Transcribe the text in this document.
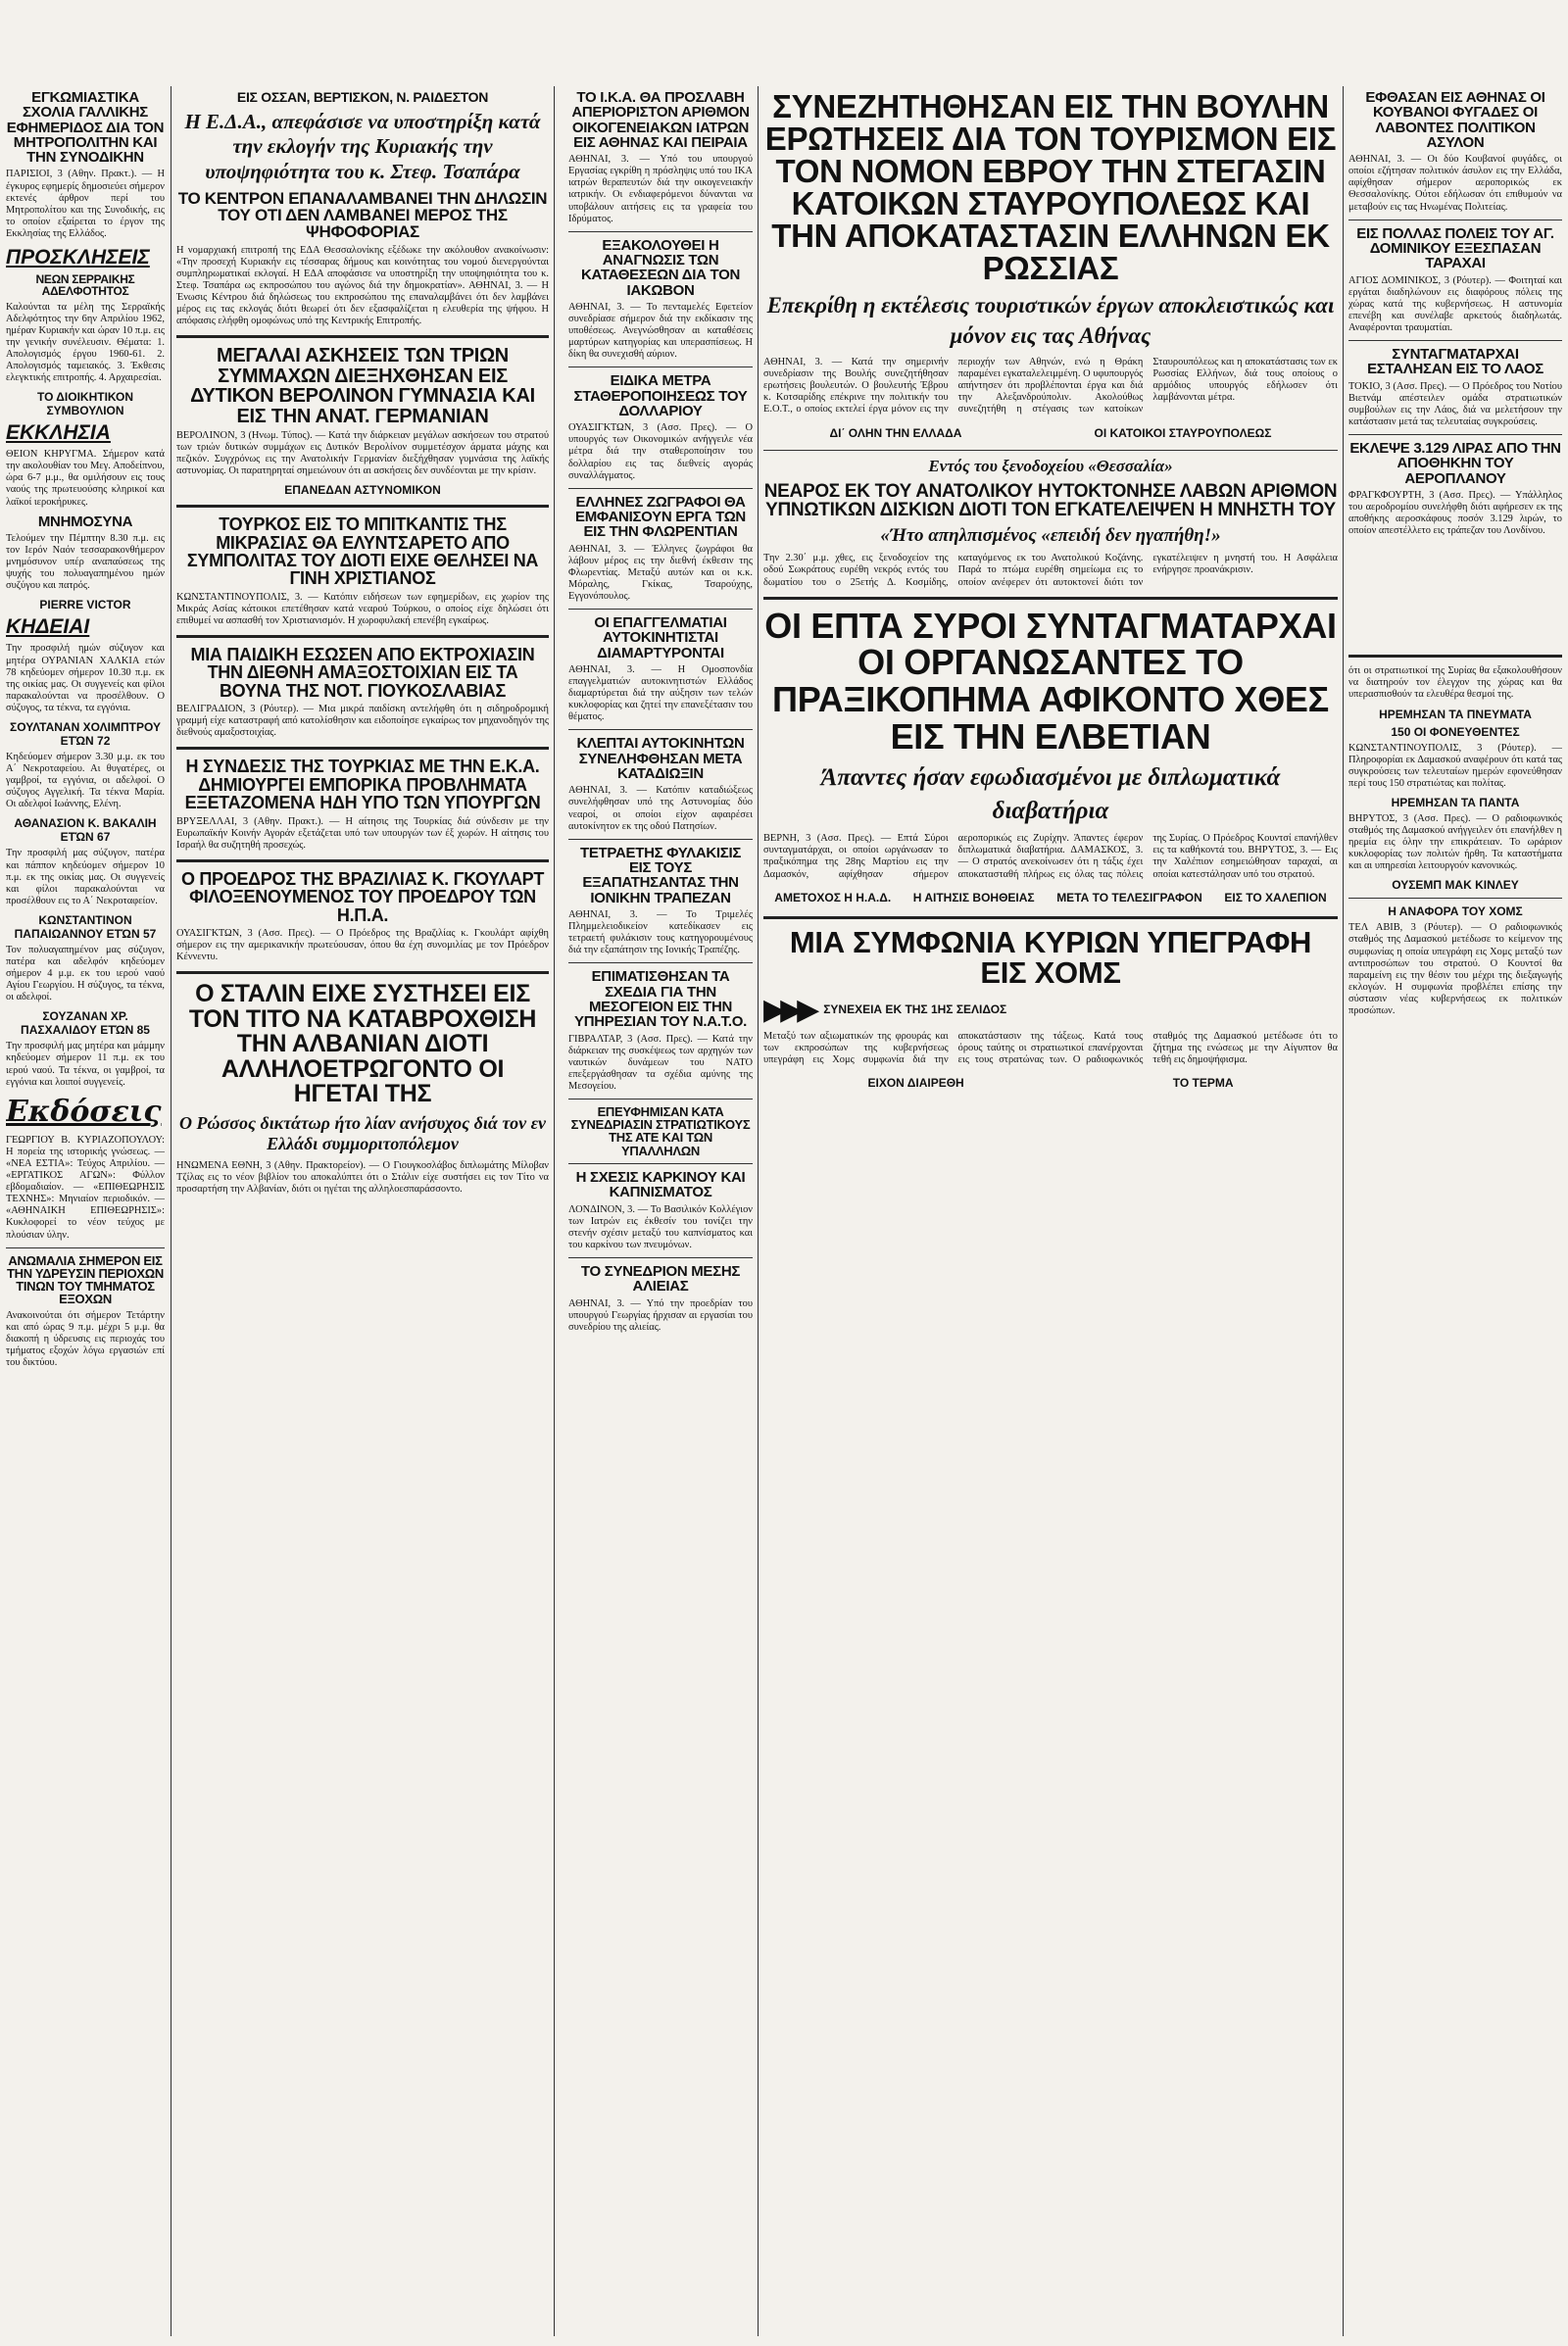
ΕΓΚΩΜΙΑΣΤΙΚΑ ΣΧΟΛΙΑ ΓΑΛΛΙΚΗΣ ΕΦΗΜΕΡΙΔΟΣ ΔΙΑ ΤΟΝ ΜΗΤΡΟΠΟΛΙΤΗΝ ΚΑΙ ΤΗΝ ΣΥΝΟΔΙΚΗΝ
ΠΑΡΙΣΙΟΙ, 3 (Αθην. Πρακτ.). — Η έγκυρος εφημερίς δημοσιεύει σήμερον εκτενές άρθρον περί του Μητροπολίτου και της Συνοδικής, εις το οποίον εξαίρεται το έργον της Εκκλησίας της Ελλάδος.
ΠΡΟΣΚΛΗΣΕΙΣ
ΝΕΩΝ ΣΕΡΡΑΙΚΗΣ ΑΔΕΛΦΟΤΗΤΟΣ
Καλούνται τα μέλη της Σερραϊκής Αδελφότητος την 6ην Απριλίου 1962, ημέραν Κυριακήν και ώραν 10 π.μ. εις την γενικήν συνέλευσιν. Θέματα: 1. Απολογισμός έργου 1960-61. 2. Απολογισμός ταμειακός. 3. Έκθεσις ελεγκτικής επιτροπής. 4. Αρχαιρεσίαι.
ΤΟ ΔΙΟΙΚΗΤΙΚΟΝ ΣΥΜΒΟΥΛΙΟΝ
ΕΚΚΛΗΣΙΑ
ΘΕΙΟΝ ΚΗΡΥΓΜΑ. Σήμερον κατά την ακολουθίαν του Μεγ. Αποδείπνου, ώρα 6-7 μ.μ., θα ομιλήσουν εις τους ναούς της πρωτευούσης κληρικοί και λαϊκοί ιεροκήρυκες.
ΜΝΗΜΟΣΥΝΑ
Τελούμεν την Πέμπτην 8.30 π.μ. εις τον Ιερόν Ναόν τεσσαρακονθήμερον μνημόσυνον υπέρ αναπαύσεως της ψυχής του πολυαγαπημένου ημών συζύγου και πατρός.
PIERRE VICTOR
ΚΗΔΕΙΑΙ
Την προσφιλή ημών σύζυγον και μητέρα ΟΥΡΑΝΙΑΝ ΧΑΛΚΙΑ ετών 78 κηδεύομεν σήμερον 10.30 π.μ. εκ της οικίας μας. Οι συγγενείς και φίλοι παρακαλούνται να προσέλθουν. Ο σύζυγος, τα τέκνα, τα εγγόνια.
ΣΟΥΛΤΑΝΑΝ ΧΟΛΙΜΠΤΡΟΥ ΕΤΏΝ 72
Κηδεύομεν σήμερον 3.30 μ.μ. εκ του Α΄ Νεκροταφείου. Αι θυγατέρες, οι γαμβροί, τα εγγόνια, οι αδελφοί. Ο σύζυγος Αγγελική. Τα τέκνα Μαρία. Οι αδελφοί Ιωάννης, Ελένη.
ΑΘΑΝΑΣΙΟΝ Κ. ΒΑΚΑΛΙΗ ΕΤΏΝ 67
Την προσφιλή μας σύζυγον, πατέρα και πάππον κηδεύομεν σήμερον 10 π.μ. εκ της οικίας μας. Οι συγγενείς και φίλοι παρακαλούνται να προσέλθουν εις το Α΄ Νεκροταφείον.
ΚΩΝΣΤΑΝΤΙΝΟΝ ΠΑΠΑΙΩΑΝΝΟΥ ΕΤΏΝ 57
Τον πολυαγαπημένον μας σύζυγον, πατέρα και αδελφόν κηδεύομεν σήμερον 4 μ.μ. εκ του ιερού ναού Αγίου Γεωργίου. Η σύζυγος, τα τέκνα, οι αδελφοί.
ΣΟΥΖΑΝΑΝ ΧΡ. ΠΑΣΧΑΛΙΔΟΥ ΕΤΏΝ 85
Την προσφιλή μας μητέρα και μάμμην κηδεύομεν σήμερον 11 π.μ. εκ του ιερού ναού. Τα τέκνα, οι γαμβροί, τα εγγόνια και λοιποί συγγενείς.
Εκδόσεις
ΓΕΩΡΓΙΟΥ Β. ΚΥΡΙΑΖΟΠΟΥΛΟΥ: Η πορεία της ιστορικής γνώσεως. — «ΝΕΑ ΕΣΤΙΑ»: Τεύχος Απριλίου. — «ΕΡΓΑΤΙΚΟΣ ΑΓΩΝ»: Φύλλον εβδομαδιαίον. — «ΕΠΙΘΕΩΡΗΣΙΣ ΤΕΧΝΗΣ»: Μηνιαίον περιοδικόν. — «ΑΘΗΝΑΙΚΗ ΕΠΙΘΕΩΡΗΣΙΣ»: Κυκλοφορεί το νέον τεύχος με πλούσιαν ύλην.
ΑΝΩΜΑΛΙΑ ΣΗΜΕΡΟΝ ΕΙΣ ΤΗΝ ΥΔΡΕΥΣΙΝ ΠΕΡΙΟΧΩΝ ΤΙΝΩΝ ΤΟΥ ΤΜΗΜΑΤΟΣ ΕΞΟΧΩΝ
Ανακοινούται ότι σήμερον Τετάρτην και από ώρας 9 π.μ. μέχρι 5 μ.μ. θα διακοπή η ύδρευσις εις περιοχάς του τμήματος εξοχών λόγω εργασιών επί του δικτύου.
ΕΙΣ ΟΣΣΑΝ, ΒΕΡΤΙΣΚΟΝ, Ν. ΡΑΙΔΕΣΤΟΝ
Η Ε.Δ.Α., απεφάσισε να υποστηρίξη κατά την εκλογήν της Κυριακής την υποψηφιότητα του κ. Στεφ. Τσαπάρα
ΤΟ ΚΕΝΤΡΟΝ ΕΠΑΝΑΛΑΜΒΑΝΕΙ ΤΗΝ ΔΗΛΩΣΙΝ ΤΟΥ ΟΤΙ ΔΕΝ ΛΑΜΒΑΝΕΙ ΜΕΡΟΣ ΤΗΣ ΨΗΦΟΦΟΡΙΑΣ
Η νομαρχιακή επιτροπή της ΕΔΑ Θεσσαλονίκης εξέδωκε την ακόλουθον ανακοίνωσιν: «Την προσεχή Κυριακήν εις τέσσαρας δήμους και κοινότητας του νομού διενεργούνται συμπληρωματικαί εκλογαί. Η ΕΔΑ αποφάσισε να υποστηρίξη την υποψηφιότητα του κ. Στεφ. Τσαπάρα ως εκπροσώπου του αγώνος διά την δημοκρατίαν». ΑΘΗΝΑΙ, 3. — Η Ένωσις Κέντρου διά δηλώσεως του εκπροσώπου της επαναλαμβάνει ότι δεν λαμβάνει μέρος εις τας εκλογάς διότι θεωρεί ότι δεν εξασφαλίζεται η ελευθερία της ψήφου. Η απόφασις ελήφθη ομοφώνως υπό της Κεντρικής Επιτροπής.
ΜΕΓΑΛΑΙ ΑΣΚΗΣΕΙΣ ΤΩΝ ΤΡΙΩΝ ΣΥΜΜΑΧΩΝ ΔΙΕΞΗΧΘΗΣΑΝ ΕΙΣ ΔΥΤΙΚΟΝ ΒΕΡΟΛΙΝΟΝ ΓΥΜΝΑΣΙΑ ΚΑΙ ΕΙΣ ΤΗΝ ΑΝΑΤ. ΓΕΡΜΑΝΙΑΝ
ΒΕΡΟΛΙΝΟΝ, 3 (Ηνωμ. Τύπος). — Κατά την διάρκειαν μεγάλων ασκήσεων του στρατού των τριών δυτικών συμμάχων εις Δυτικόν Βερολίνον συμμετέσχον άρματα μάχης και πεζικόν. Συγχρόνως εις την Ανατολικήν Γερμανίαν διεξήχθησαν γυμνάσια της λαϊκής αστυνομίας. Οι παρατηρηταί σημειώνουν ότι αι ασκήσεις δεν συνδέονται με την κρίσιν.
ΕΠΑΝΕΔΑΝ ΑΣΤΥΝΟΜΙΚΟΝ
ΤΟΥΡΚΟΣ ΕΙΣ ΤΟ ΜΠΙΤΚΑΝΤΙΣ ΤΗΣ ΜΙΚΡΑΣΙΑΣ ΘΑ ΕΛΥΝΤΣΑΡΕΤΟ ΑΠΟ ΣΥΜΠΟΛΙΤΑΣ ΤΟΥ ΔΙΟΤΙ ΕΙΧΕ ΘΕΛΗΣΕΙ ΝΑ ΓΙΝΗ ΧΡΙΣΤΙΑΝΟΣ
ΚΩΝΣΤΑΝΤΙΝΟΥΠΟΛΙΣ, 3. — Κατόπιν ειδήσεων των εφημερίδων, εις χωρίον της Μικράς Ασίας κάτοικοι επετέθησαν κατά νεαρού Τούρκου, ο οποίος είχε δηλώσει ότι επιθυμεί να ασπασθή τον Χριστιανισμόν. Η χωροφυλακή επενέβη εγκαίρως.
ΜΙΑ ΠΑΙΔΙΚΗ ΕΣΩΣΕΝ ΑΠΟ ΕΚΤΡΟΧΙΑΣΙΝ ΤΗΝ ΔΙΕΘΝΗ ΑΜΑΞΟΣΤΟΙΧΙΑΝ ΕΙΣ ΤΑ ΒΟΥΝΑ ΤΗΣ ΝΟΤ. ΓΙΟΥΚΟΣΛΑΒΙΑΣ
ΒΕΛΙΓΡΑΔΙΟΝ, 3 (Ρόυτερ). — Μια μικρά παιδίσκη αντελήφθη ότι η σιδηροδρομική γραμμή είχε καταστραφή από κατολίσθησιν και ειδοποίησε εγκαίρως τον μηχανοδηγόν της διεθνούς αμαξοστοιχίας.
Η ΣΥΝΔΕΣΙΣ ΤΗΣ ΤΟΥΡΚΙΑΣ ΜΕ ΤΗΝ Ε.Κ.Α. ΔΗΜΙΟΥΡΓΕΙ ΕΜΠΟΡΙΚΑ ΠΡΟΒΛΗΜΑΤΑ ΕΞΕΤΑΖΟΜΕΝΑ ΗΔΗ ΥΠΟ ΤΩΝ ΥΠΟΥΡΓΩΝ
ΒΡΥΞΕΛΛΑΙ, 3 (Αθην. Πρακτ.). — Η αίτησις της Τουρκίας διά σύνδεσιν με την Ευρωπαϊκήν Κοινήν Αγοράν εξετάζεται υπό των υπουργών των έξ χωρών. Η αίτησις του Ισραήλ θα συζητηθή προσεχώς.
Ο ΠΡΟΕΔΡΟΣ ΤΗΣ ΒΡΑΖΙΛΙΑΣ Κ. ΓΚΟΥΛΑΡΤ ΦΙΛΟΞΕΝΟΥΜΕΝΟΣ ΤΟΥ ΠΡΟΕΔΡΟΥ ΤΩΝ Η.Π.Α.
ΟΥΑΣΙΓΚΤΩΝ, 3 (Ασσ. Πρες). — Ο Πρόεδρος της Βραζιλίας κ. Γκουλάρτ αφίχθη σήμερον εις την αμερικανικήν πρωτεύουσαν, όπου θα έχη συνομιλίας με τον Πρόεδρον Κέννεντυ.
Ο ΣΤΑΛΙΝ ΕΙΧΕ ΣΥΣΤΗΣΕΙ ΕΙΣ ΤΟΝ ΤΙΤΟ ΝΑ ΚΑΤΑΒΡΟΧΘΙΣΗ ΤΗΝ ΑΛΒΑΝΙΑΝ ΔΙΟΤΙ ΑΛΛΗΛΟΕΤΡΩΓΟΝΤΟ ΟΙ ΗΓΕΤΑΙ ΤΗΣ
Ο Ρώσσος δικτάτωρ ήτο λίαν ανήσυχος διά τον εν Ελλάδι συμμοριτοπόλεμον
ΗΝΩΜΕΝΑ ΕΘΝΗ, 3 (Αθην. Πρακτορείον). — Ο Γιουγκοσλάβος διπλωμάτης Μίλοβαν Τζίλας εις το νέον βιβλίον του αποκαλύπτει ότι ο Στάλιν είχε συστήσει εις τον Τίτο να προσαρτήση την Αλβανίαν, διότι οι ηγέται της αλληλοεσπαράσσοντο.
ΤΟ Ι.Κ.Α. ΘΑ ΠΡΟΣΛΑΒΗ ΑΠΕΡΙΟΡΙΣΤΟΝ ΑΡΙΘΜΟΝ ΟΙΚΟΓΕΝΕΙΑΚΩΝ ΙΑΤΡΩΝ ΕΙΣ ΑΘΗΝΑΣ ΚΑΙ ΠΕΙΡΑΙΑ
ΑΘΗΝΑΙ, 3. — Υπό του υπουργού Εργασίας εγκρίθη η πρόσληψις υπό του ΙΚΑ ιατρών θεραπευτών διά την οικογενειακήν ιατρικήν. Οι ενδιαφερόμενοι δύνανται να υποβάλουν αιτήσεις εις τα γραφεία του Ιδρύματος.
ΕΞΑΚΟΛΟΥΘΕΙ Η ΑΝΑΓΝΩΣΙΣ ΤΩΝ ΚΑΤΑΘΕΣΕΩΝ ΔΙΑ ΤΟΝ ΙΑΚΩΒΟΝ
ΑΘΗΝΑΙ, 3. — Το πενταμελές Εφετείον συνεδρίασε σήμερον διά την εκδίκασιν της υποθέσεως. Ανεγνώσθησαν αι καταθέσεις μαρτύρων κατηγορίας και υπερασπίσεως. Η δίκη θα συνεχισθή αύριον.
ΕΙΔΙΚΑ ΜΕΤΡΑ ΣΤΑΘΕΡΟΠΟΙΗΣΕΩΣ ΤΟΥ ΔΟΛΛΑΡΙΟΥ
ΟΥΑΣΙΓΚΤΩΝ, 3 (Ασσ. Πρες). — Ο υπουργός των Οικονομικών ανήγγειλε νέα μέτρα διά την σταθεροποίησιν του δολλαρίου εις τας διεθνείς αγοράς συναλλάγματος.
ΕΛΛΗΝΕΣ ΖΩΓΡΑΦΟΙ ΘΑ ΕΜΦΑΝΙΣΟΥΝ ΕΡΓΑ ΤΩΝ ΕΙΣ ΤΗΝ ΦΛΩΡΕΝΤΙΑΝ
ΑΘΗΝΑΙ, 3. — Έλληνες ζωγράφοι θα λάβουν μέρος εις την διεθνή έκθεσιν της Φλωρεντίας. Μεταξύ αυτών και οι κ.κ. Μόραλης, Γκίκας, Τσαρούχης, Εγγονόπουλος.
ΟΙ ΕΠΑΓΓΕΛΜΑΤΙΑΙ ΑΥΤΟΚΙΝΗΤΙΣΤΑΙ ΔΙΑΜΑΡΤΥΡΟΝΤΑΙ
ΑΘΗΝΑΙ, 3. — Η Ομοσπονδία επαγγελματιών αυτοκινητιστών Ελλάδος διαμαρτύρεται διά την αύξησιν των τελών κυκλοφορίας και ζητεί την επανεξέτασιν του θέματος.
ΚΛΕΠΤΑΙ ΑΥΤΟΚΙΝΗΤΩΝ ΣΥΝΕΛΗΦΘΗΣΑΝ ΜΕΤΑ ΚΑΤΑΔΙΩΞΙΝ
ΑΘΗΝΑΙ, 3. — Κατόπιν καταδιώξεως συνελήφθησαν υπό της Αστυνομίας δύο νεαροί, οι οποίοι είχον αφαιρέσει αυτοκίνητον εκ της οδού Πατησίων.
ΤΕΤΡΑΕΤΗΣ ΦΥΛΑΚΙΣΙΣ ΕΙΣ ΤΟΥΣ ΕΞΑΠΑΤΗΣΑΝΤΑΣ ΤΗΝ ΙΟΝΙΚΗΝ ΤΡΑΠΕΖΑΝ
ΑΘΗΝΑΙ, 3. — Το Τριμελές Πλημμελειοδικείον κατεδίκασεν εις τετραετή φυλάκισιν τους κατηγορουμένους διά την εξαπάτησιν της Ιονικής Τραπέζης.
ΕΠΙΜΑΤΙΣΘΗΣΑΝ ΤΑ ΣΧΕΔΙΑ ΓΙΑ ΤΗΝ ΜΕΣΟΓΕΙΟΝ ΕΙΣ ΤΗΝ ΥΠΗΡΕΣΙΑΝ ΤΟΥ Ν.Α.Τ.Ο.
ΓΙΒΡΑΛΤΑΡ, 3 (Ασσ. Πρες). — Κατά την διάρκειαν της συσκέψεως των αρχηγών των ναυτικών δυνάμεων του ΝΑΤΟ επεξεργάσθησαν τα σχέδια αμύνης της Μεσογείου.
ΕΠΕΥΦΗΜΙΣΑΝ ΚΑΤΑ ΣΥΝΕΔΡΙΑΣΙΝ ΣΤΡΑΤΙΩΤΙΚΟΥΣ ΤΗΣ ΑΤΕ ΚΑΙ ΤΩΝ ΥΠΑΛΛΗΛΩΝ
Η ΣΧΕΣΙΣ ΚΑΡΚΙΝΟΥ ΚΑΙ ΚΑΠΝΙΣΜΑΤΟΣ
ΛΟΝΔΙΝΟΝ, 3. — Το Βασιλικόν Κολλέγιον των Ιατρών εις έκθεσίν του τονίζει την στενήν σχέσιν μεταξύ του καπνίσματος και του καρκίνου των πνευμόνων.
ΤΟ ΣΥΝΕΔΡΙΟΝ ΜΕΣΗΣ ΑΛΙΕΙΑΣ
ΑΘΗΝΑΙ, 3. — Υπό την προεδρίαν του υπουργού Γεωργίας ήρχισαν αι εργασίαι του συνεδρίου της αλιείας.
ΣΥΝΕΖΗΤΗΘΗΣΑΝ ΕΙΣ ΤΗΝ ΒΟΥΛΗΝ ΕΡΩΤΗΣΕΙΣ ΔΙΑ ΤΟΝ ΤΟΥΡΙΣΜΟΝ ΕΙΣ ΤΟΝ ΝΟΜΟΝ ΕΒΡΟΥ ΤΗΝ ΣΤΕΓΑΣΙΝ ΚΑΤΟΙΚΩΝ ΣΤΑΥΡΟΥΠΟΛΕΩΣ ΚΑΙ ΤΗΝ ΑΠΟΚΑΤΑΣΤΑΣΙΝ ΕΛΛΗΝΩΝ ΕΚ ΡΩΣΣΙΑΣ
Επεκρίθη η εκτέλεσις τουριστικών έργων αποκλειστικώς και μόνον εις τας Αθήνας
ΑΘΗΝΑΙ, 3. — Κατά την σημερινήν συνεδρίασιν της Βουλής συνεζητήθησαν ερωτήσεις βουλευτών. Ο βουλευτής Έβρου κ. Κοτσαρίδης επέκρινε την πολιτικήν του Ε.Ο.Τ., ο οποίος εκτελεί έργα μόνον εις την περιοχήν των Αθηνών, ενώ η Θράκη παραμένει εγκαταλελειμμένη. Ο υφυπουργός απήντησεν ότι προβλέπονται έργα και διά την Αλεξανδρούπολιν. Ακολούθως συνεζητήθη η στέγασις των κατοίκων Σταυρουπόλεως και η αποκατάστασις των εκ Ρωσσίας Ελλήνων, διά τους οποίους ο αρμόδιος υπουργός εδήλωσεν ότι λαμβάνονται μέτρα.
ΔΙ΄ ΟΛΗΝ ΤΗΝ ΕΛΛΑΔΑ	ΟΙ ΚΑΤΟΙΚΟΙ ΣΤΑΥΡΟΥΠΟΛΕΩΣ
Εντός του ξενοδοχείου «Θεσσαλία»
ΝΕΑΡΟΣ ΕΚ ΤΟΥ ΑΝΑΤΟΛΙΚΟΥ ΗΥΤΟΚΤΟΝΗΣΕ ΛΑΒΩΝ ΑΡΙΘΜΟΝ ΥΠΝΩΤΙΚΩΝ ΔΙΣΚΙΩΝ ΔΙΟΤΙ ΤΟΝ ΕΓΚΑΤΕΛΕΙΨΕΝ Η ΜΝΗΣΤΗ ΤΟΥ
«Ήτο απηλπισμένος «επειδή δεν ηγαπήθη!»
Την 2.30΄ μ.μ. χθες, εις ξενοδοχείον της οδού Σωκράτους ευρέθη νεκρός εντός του δωματίου του ο 25ετής Δ. Κοσμίδης, καταγόμενος εκ του Ανατολικού Κοζάνης. Παρά το πτώμα ευρέθη σημείωμα εις το οποίον ανέφερεν ότι αυτοκτονεί διότι τον εγκατέλειψεν η μνηστή του. Η Ασφάλεια ενήργησε προανάκρισιν.
ΟΙ ΕΠΤΑ ΣΥΡΟΙ ΣΥΝΤΑΓΜΑΤΑΡΧΑΙ ΟΙ ΟΡΓΑΝΩΣΑΝΤΕΣ ΤΟ ΠΡΑΞΙΚΟΠΗΜΑ ΑΦΙΚΟΝΤΟ ΧΘΕΣ ΕΙΣ ΤΗΝ ΕΛΒΕΤΙΑΝ
Άπαντες ήσαν εφωδιασμένοι με διπλωματικά διαβατήρια
ΒΕΡΝΗ, 3 (Ασσ. Πρες). — Επτά Σύροι συνταγματάρχαι, οι οποίοι ωργάνωσαν το πραξικόπημα της 28ης Μαρτίου εις την Δαμασκόν, αφίχθησαν σήμερον αεροπορικώς εις Ζυρίχην. Άπαντες έφερον διπλωματικά διαβατήρια. ΔΑΜΑΣΚΟΣ, 3. — Ο στρατός ανεκοίνωσεν ότι η τάξις έχει αποκατασταθή πλήρως εις όλας τας πόλεις της Συρίας. Ο Πρόεδρος Κουντσί επανήλθεν εις τα καθήκοντά του. ΒΗΡΥΤΟΣ, 3. — Εις την Χαλέπιον εσημειώθησαν ταραχαί, αι οποίαι κατεστάλησαν υπό του στρατού.
ΑΜΕΤΟΧΟΣ Η Η.Α.Δ. Η ΑΙΤΗΣΙΣ ΒΟΗΘΕΙΑΣ ΜΕΤΑ ΤΟ ΤΕΛΕΣΙΓΡΑΦΟΝ ΕΙΣ ΤΟ ΧΑΛΕΠΙΟΝ
ΜΙΑ ΣΥΜΦΩΝΙΑ ΚΥΡΙΩΝ ΥΠΕΓΡΑΦΗ ΕΙΣ ΧΟΜΣ
▶▶▶ ΣΥΝΕΧΕΙΑ ΕΚ ΤΗΣ 1ΗΣ ΣΕΛΙΔΟΣ
Μεταξύ των αξιωματικών της φρουράς και των εκπροσώπων της κυβερνήσεως υπεγράφη εις Χομς συμφωνία διά την αποκατάστασιν της τάξεως. Κατά τους όρους ταύτης οι στρατιωτικοί επανέρχονται εις τους στρατώνας των. Ο ραδιοφωνικός σταθμός της Δαμασκού μετέδωσε ότι το ζήτημα της ενώσεως με την Αίγυπτον θα τεθή εις δημοψήφισμα.
ΕΙΧΟΝ ΔΙΑΙΡΕΘΗ	ΤΟ ΤΕΡΜΑ
ΕΦΘΑΣΑΝ ΕΙΣ ΑΘΗΝΑΣ ΟΙ ΚΟΥΒΑΝΟΙ ΦΥΓΑΔΕΣ ΟΙ ΛΑΒΟΝΤΕΣ ΠΟΛΙΤΙΚΟΝ ΑΣΥΛΟΝ
ΑΘΗΝΑΙ, 3. — Οι δύο Κουβανοί φυγάδες, οι οποίοι εζήτησαν πολιτικόν άσυλον εις την Ελλάδα, αφίχθησαν σήμερον αεροπορικώς εκ Θεσσαλονίκης. Ούτοι εδήλωσαν ότι επιθυμούν να μεταβούν εις τας Ηνωμένας Πολιτείας.
ΕΙΣ ΠΟΛΛΑΣ ΠΟΛΕΙΣ ΤΟΥ ΑΓ. ΔΟΜΙΝΙΚΟΥ ΕΞΕΣΠΑΣΑΝ ΤΑΡΑΧΑΙ
ΑΓΙΟΣ ΔΟΜΙΝΙΚΟΣ, 3 (Ρόυτερ). — Φοιτηταί και εργάται διαδηλώνουν εις διαφόρους πόλεις της χώρας κατά της κυβερνήσεως. Η αστυνομία επενέβη και συνέλαβε αρκετούς διαδηλωτάς. Αναφέρονται τραυματίαι.
ΣΥΝΤΑΓΜΑΤΑΡΧΑΙ ΕΣΤΑΛΗΣΑΝ ΕΙΣ ΤΟ ΛΑΟΣ
ΤΟΚΙΟ, 3 (Ασσ. Πρες). — Ο Πρόεδρος του Νοτίου Βιετνάμ απέστειλεν ομάδα στρατιωτικών συμβούλων εις την Λάος, διά να μελετήσουν την κατάστασιν μετά τας τελευταίας συγκρούσεις.
ΕΚΛΕΨΕ 3.129 ΛΙΡΑΣ ΑΠΟ ΤΗΝ ΑΠΟΘΗΚΗΝ ΤΟΥ ΑΕΡΟΠΛΑΝΟΥ
ΦΡΑΓΚΦΟΥΡΤΗ, 3 (Ασσ. Πρες). — Υπάλληλος του αεροδρομίου συνελήφθη διότι αφήρεσεν εκ της αποθήκης αεροσκάφους ποσόν 3.129 λιρών, το οποίον απεστέλλετο εις τράπεζαν του Λονδίνου.
ότι οι στρατιωτικοί της Συρίας θα εξακολουθήσουν να διατηρούν τον έλεγχον της χώρας και θα υπερασπισθούν τα ελευθέρα θεσμοί της.
ΗΡΕΜΗΣΑΝ ΤΑ ΠΝΕΥΜΑΤΑ
150 ΟΙ ΦΟΝΕΥΘΕΝΤΕΣ
ΚΩΝΣΤΑΝΤΙΝΟΥΠΟΛΙΣ, 3 (Ρόυτερ). — Πληροφορίαι εκ Δαμασκού αναφέρουν ότι κατά τας συγκρούσεις των τελευταίων ημερών εφονεύθησαν περί τους 150 στρατιώτας και πολίτας.
ΗΡΕΜΗΣΑΝ ΤΑ ΠΑΝΤΑ
ΒΗΡΥΤΟΣ, 3 (Ασσ. Πρες). — Ο ραδιοφωνικός σταθμός της Δαμασκού ανήγγειλεν ότι επανήλθεν η ηρεμία εις όλην την επικράτειαν. Το ωράριον κυκλοφορίας των πολιτών ήρθη. Τα καταστήματα και αι υπηρεσίαι λειτουργούν κανονικώς.
ΟΥΣΕΜΠ ΜΑΚ ΚΙΝΛΕΥ
Η ΑΝΑΦΟΡΑ ΤΟΥ ΧΟΜΣ
ΤΕΛ ΑΒΙΒ, 3 (Ρόυτερ). — Ο ραδιοφωνικός σταθμός της Δαμασκού μετέδωσε το κείμενον της συμφωνίας η οποία υπεγράφη εις Χομς μεταξύ των αντιπροσώπων του στρατού. Ο Κουντσί θα παραμείνη εις την θέσιν του μέχρι της διεξαγωγής εκλογών. Η συμφωνία προβλέπει επίσης την σύστασιν νέας κυβερνήσεως εκ πολιτικών προσώπων.
